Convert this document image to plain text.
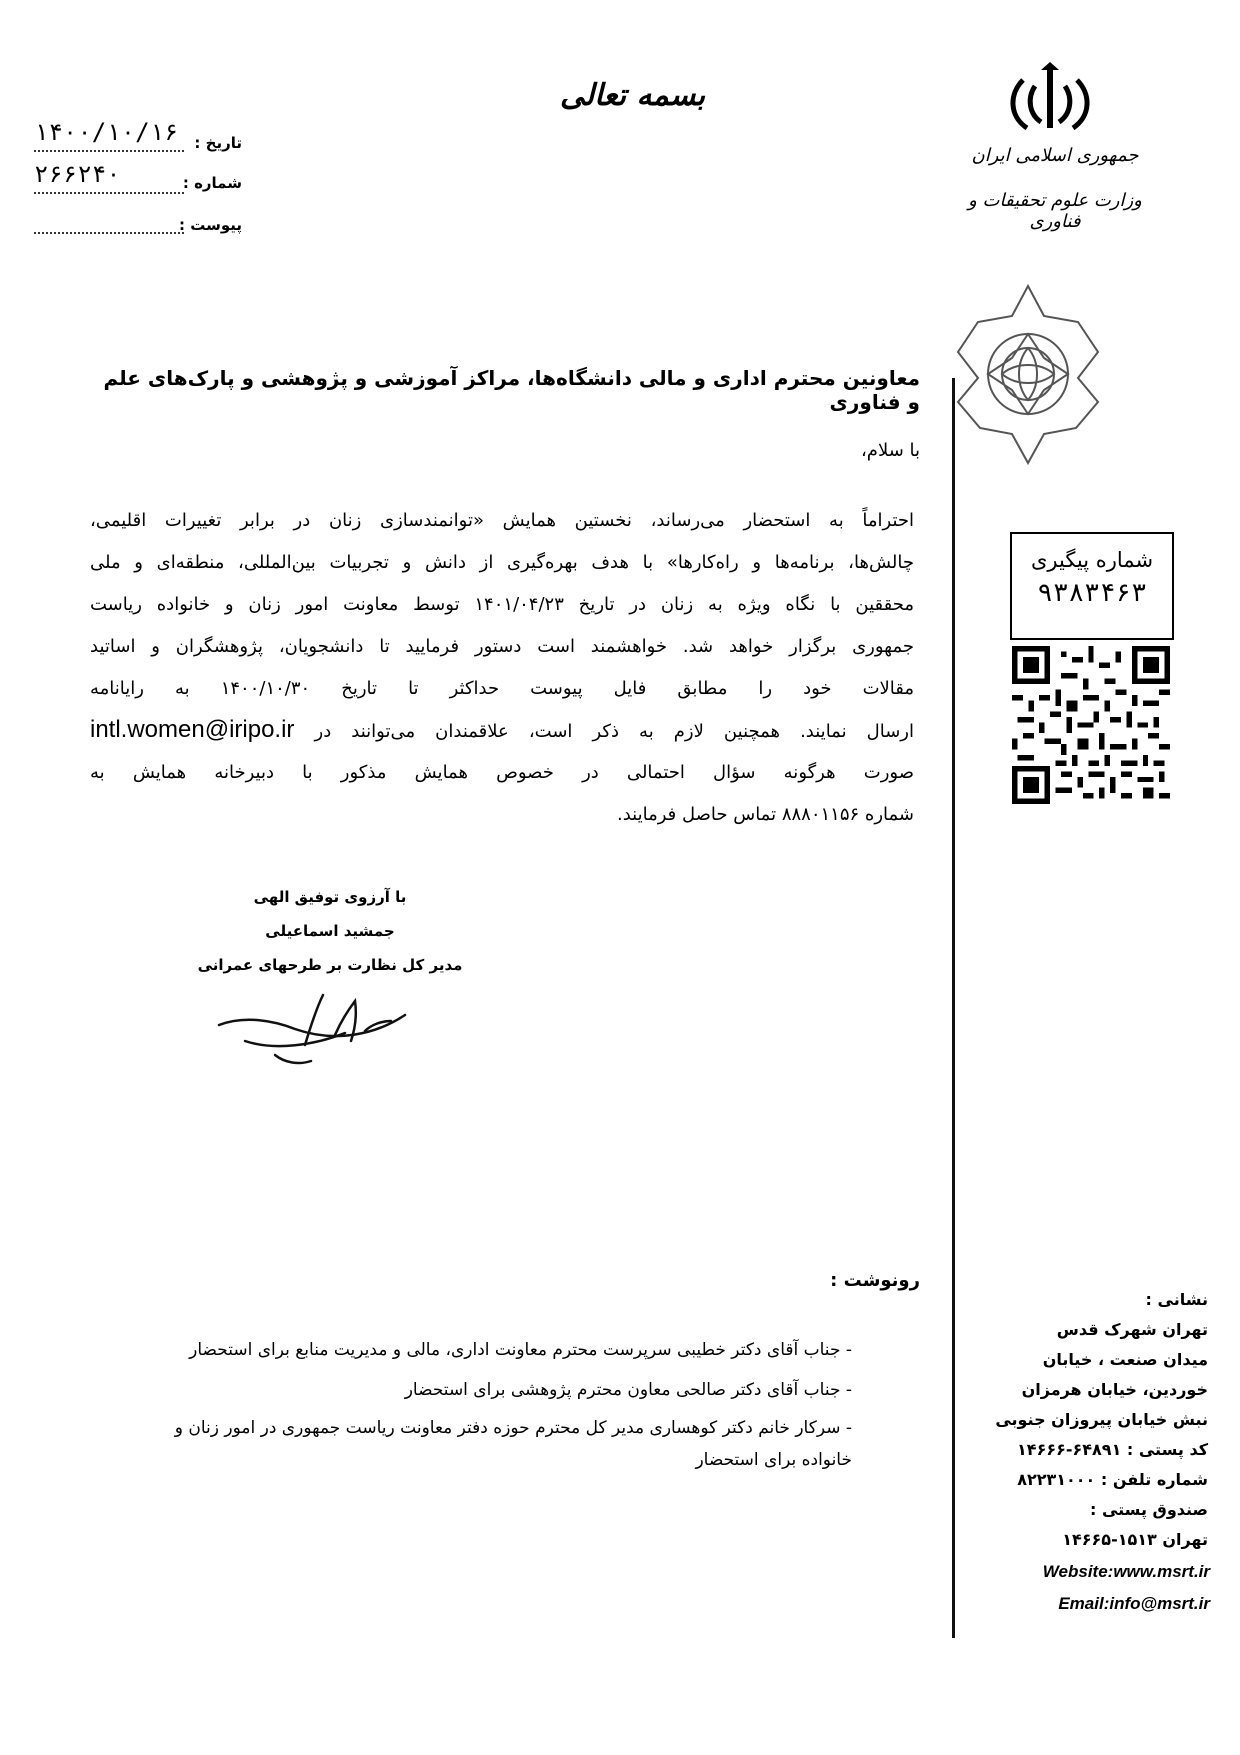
بسمه تعالی
جمهوری اسلامی ایران
وزارت علوم تحقیقات و فناوری
تاریخ :
۱۴۰۰/۱۰/۱۶
شماره :
۲۶۶۲۴۰
پیوست :
معاونین محترم اداری و مالی دانشگاه‌ها، مراکز آموزشی و پژوهشی و پارک‌های علم و فناوری
با سلام،
احتراماً به استحضار می‌رساند، نخستین همایش «توانمندسازی زنان در برابر تغییرات اقلیمی،
چالش‌ها، برنامه‌ها و راه‌کارها» با هدف بهره‌گیری از دانش و تجربیات بین‌المللی، منطقه‌ای و ملی
محققین با نگاه ویژه به زنان در تاریخ ۱۴۰۱/۰۴/۲۳ توسط معاونت امور زنان و خانواده ریاست
جمهوری برگزار خواهد شد. خواهشمند است دستور فرمایید تا دانشجویان، پژوهشگران و اساتید
مقالات خود را مطابق فایل پیوست حداکثر تا تاریخ ۱۴۰۰/۱۰/۳۰ به رایانامه
ارسال نمایند. همچنین لازم به ذکر است، علاقمندان می‌توانند در intl.women@iripo.ir
صورت هرگونه سؤال احتمالی در خصوص همایش مذکور با دبیرخانه همایش به
شماره ۸۸۸۰۱۱۵۶ تماس حاصل فرمایند.
با آرزوی توفیق الهی
جمشید اسماعیلی
مدیر کل نظارت بر طرحهای عمرانی
شماره پیگیری
۹۳۸۳۴۶۳
رونوشت :
- جناب آقای دکتر خطیبی سرپرست محترم معاونت اداری، مالی و مدیریت منابع برای استحضار
- جناب آقای دکتر صالحی معاون محترم پژوهشی برای استحضار
- سرکار خانم دکتر کوهساری مدیر کل محترم حوزه دفتر معاونت ریاست جمهوری در امور زنان و
خانواده برای استحضار
نشانی :
تهران شهرک قدس
میدان صنعت ، خیابان
خوردین، خیابان هرمزان
نبش خیابان پیروزان جنوبی
کد پستی : ۶۴۸۹۱-۱۴۶۶۶
شماره تلفن : ۸۲۲۳۱۰۰۰
صندوق پستی :
تهران ۱۵۱۳-۱۴۶۶۵
Website:www.msrt.ir
Email:info@msrt.ir
